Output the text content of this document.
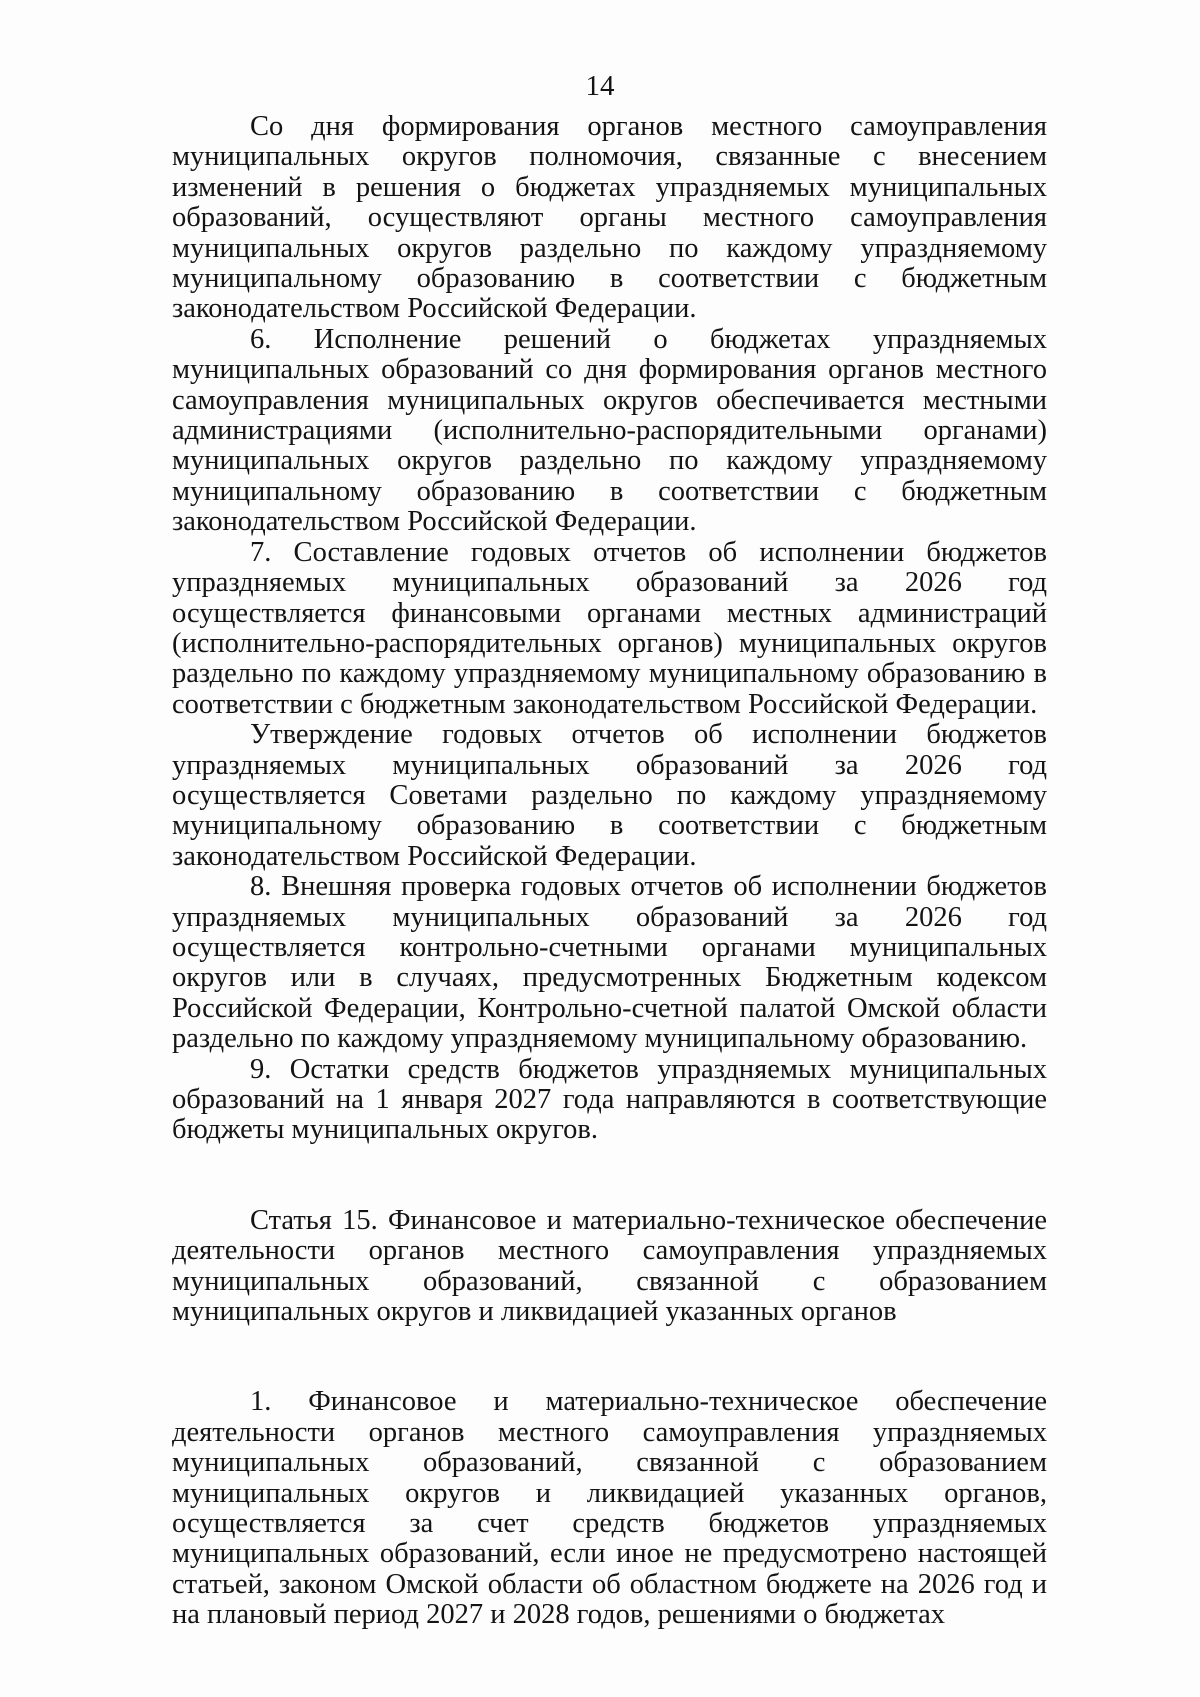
14

Со дня формирования органов местного самоуправления муниципальных округов полномочия, связанные с внесением изменений в решения о бюджетах упраздняемых муниципальных образований, осуществляют органы местного самоуправления муниципальных округов раздельно по каждому упраздняемому муниципальному образованию в соответствии с бюджетным законодательством Российской Федерации.

6. Исполнение решений о бюджетах упраздняемых муниципальных образований со дня формирования органов местного самоуправления муниципальных округов обеспечивается местными администрациями (исполнительно-распорядительными органами) муниципальных округов раздельно по каждому упраздняемому муниципальному образованию в соответствии с бюджетным законодательством Российской Федерации.

7. Составление годовых отчетов об исполнении бюджетов упраздняемых муниципальных образований за 2026 год осуществляется финансовыми органами местных администраций (исполнительно-распорядительных органов) муниципальных округов раздельно по каждому упраздняемому муниципальному образованию в соответствии с бюджетным законодательством Российской Федерации.

Утверждение годовых отчетов об исполнении бюджетов упраздняемых муниципальных образований за 2026 год осуществляется Советами раздельно по каждому упраздняемому муниципальному образованию в соответствии с бюджетным законодательством Российской Федерации.

8. Внешняя проверка годовых отчетов об исполнении бюджетов упраздняемых муниципальных образований за 2026 год осуществляется контрольно-счетными органами муниципальных округов или в случаях, предусмотренных Бюджетным кодексом Российской Федерации, Контрольно-счетной палатой Омской области раздельно по каждому упраздняемому муниципальному образованию.

9. Остатки средств бюджетов упраздняемых муниципальных образований на 1 января 2027 года направляются в соответствующие бюджеты муниципальных округов.

Статья 15. Финансовое и материально-техническое обеспечение деятельности органов местного самоуправления упраздняемых муниципальных образований, связанной с образованием муниципальных округов и ликвидацией указанных органов

1. Финансовое и материально-техническое обеспечение деятельности органов местного самоуправления упраздняемых муниципальных образований, связанной с образованием муниципальных округов и ликвидацией указанных органов, осуществляется за счет средств бюджетов упраздняемых муниципальных образований, если иное не предусмотрено настоящей статьей, законом Омской области об областном бюджете на 2026 год и на плановый период 2027 и 2028 годов, решениями о бюджетах
